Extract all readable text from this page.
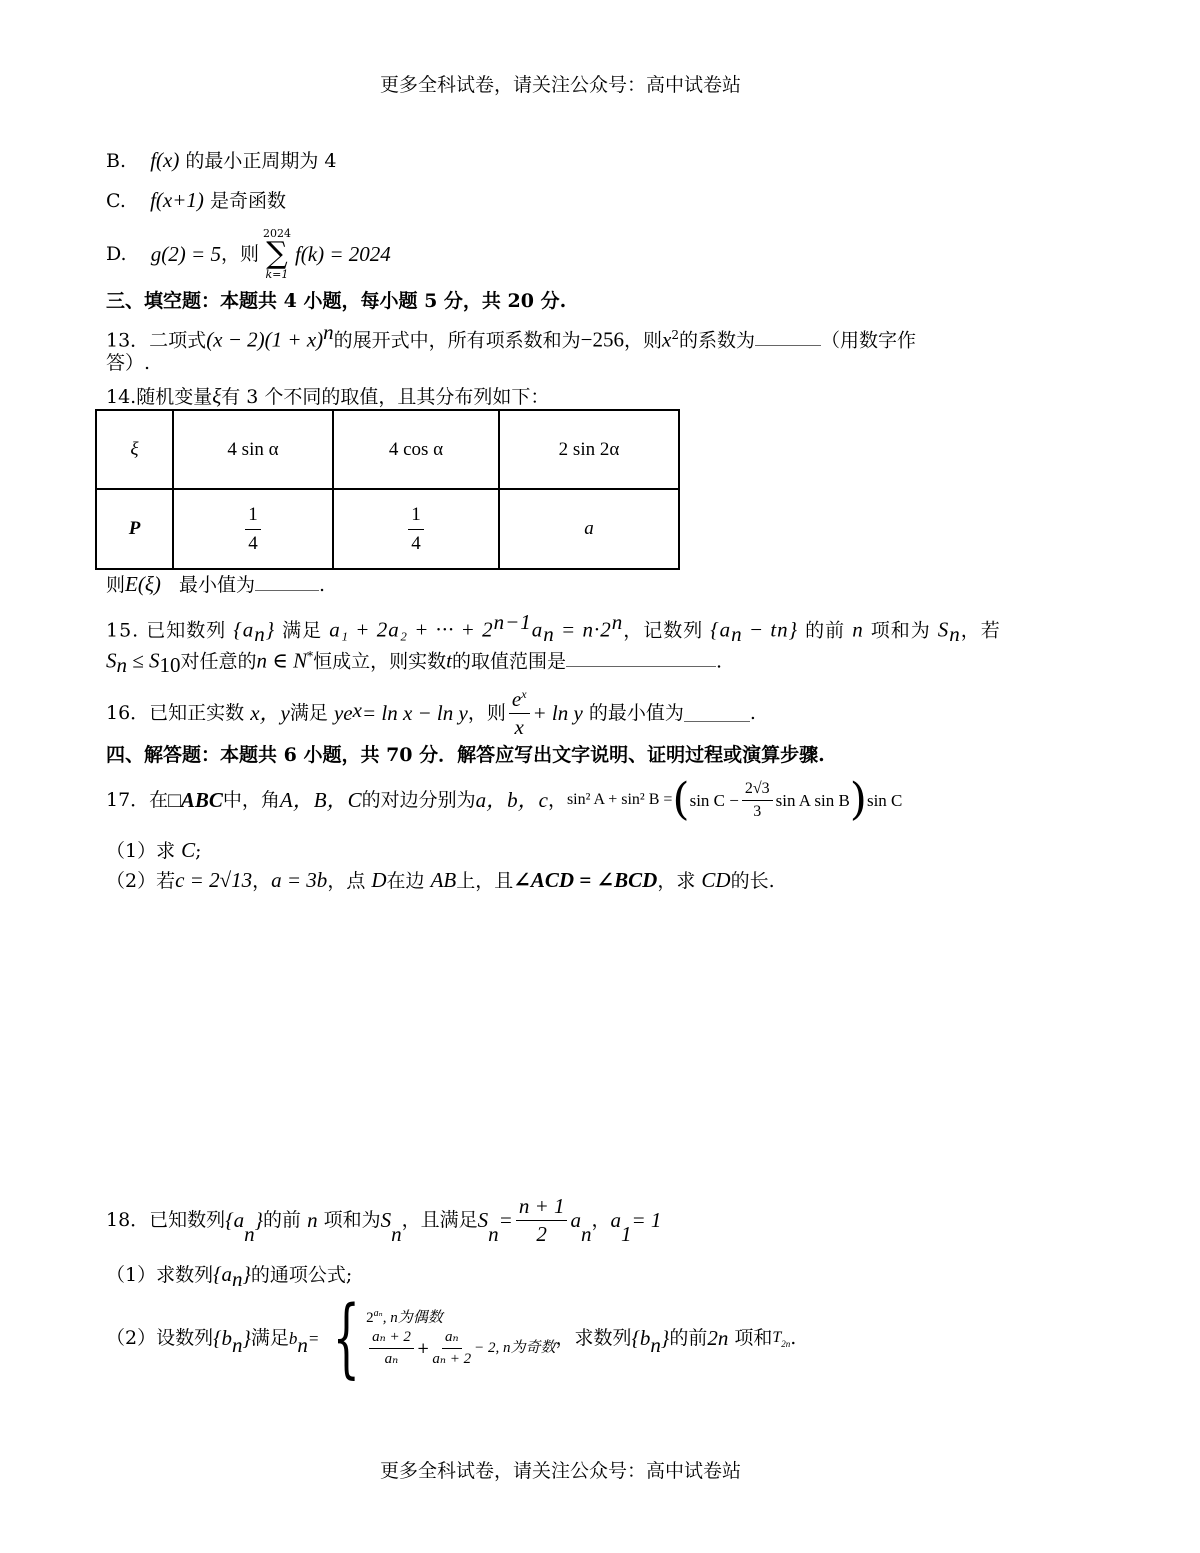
更多全科试卷，请关注公众号：高中试卷站
B. f(x) 的最小正周期为 4
C. f(x+1) 是奇函数
D.
g(2) = 5 ，则
2024
∑
k=1
f(k) = 2024
三、填空题：本题共 4 小题，每小题 5 分，共 20 分.
13．二项式$(x - 2)(1 + x)^n$的展开式中，所有项系数和为−256，则$x^2$的系数为	（用数字作
答）.
14.随机变量ξ有 3 个不同的取值，且其分布列如下：
ξ	4 sin α	4 cos α	2 sin 2α
P	$\frac{1}{4}$	$\frac{1}{4}$	a
则E(ξ) 最小值为	.
15. 已知数列 $\{a_n\}$ 满足 a₁ + 2a₂ + ··· + $2^{n-1}a_n = n\cdot 2^n$，记数列 $\{a_n - tn\}$ 的前 n 项和为 $S_n$，若
$S_n \le S_{10}$对任意的n ∈ N*恒成立，则实数t的取值范围是	.
16．已知正实数
x，y 满足
ye x = ln x − ln y ，则 $\frac{e^x}{x} + \ln y$
的最小值为	.
四、解答题：本题共 6 小题，共 70 分．解答应写出文字说明、证明过程或演算步骤.
17．在 □ABC 中，角 A，B，C 的对边分别为 a，b，c ， sin² A + sin² B = ( $\sin C - \frac{2√3}{3}$ sin A sin B ) sin C
（1）求 C;
（2）若c = 2√13，a = 3b，点 D在边 AB上，且∠ACD = ∠BCD，求 CD的长.
18．已知数列 {a
n
} 的前
n
项和为 S
n
，且满足 S
n
= $\frac{n + 1}{2}$ a
n
， a
1
= 1
（1）求数列$\{a_n\}$的通项公式;
（2）设数列 {b n } 满足 b n = { $2^{a_n}$, n为偶数
$\frac{\text{aₙ + 2}}{\text{aₙ}} + \frac{\text{aₙ}}{\text{aₙ + 2}} - 2$, n为奇数 ，求数列 {b n } 的前 2n
项和 $T_{2n}$ .
更多全科试卷，请关注公众号：高中试卷站
